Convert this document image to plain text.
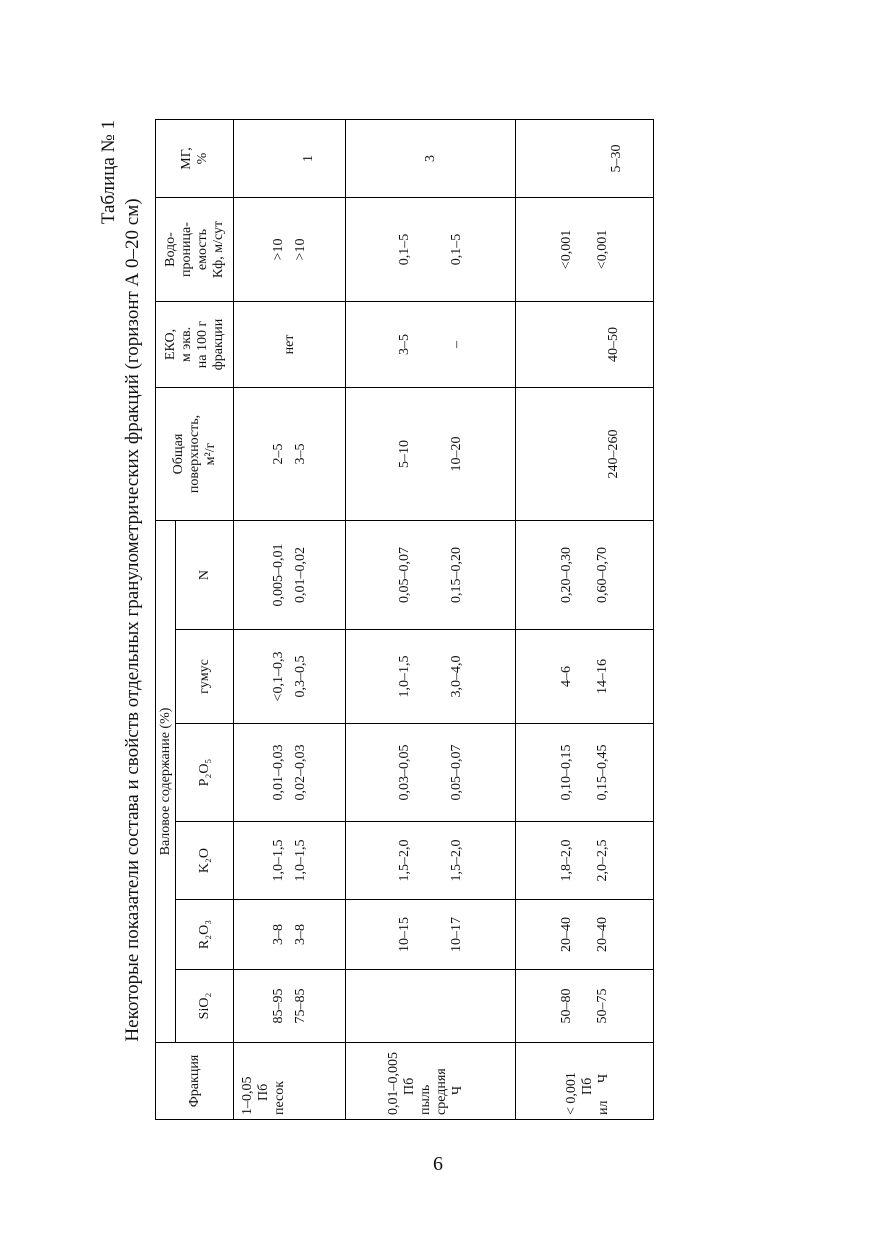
Таблица № 1
Некоторые показатели состава и свойств отдельных гранулометрических фракций (горизонт А 0–20 см)
Фракция	Валовое содержание (%)						Общая поверхность, м²/г	ЕКО, м экв. на 100 г фракции	Водо- проница- емость Кф, м/сут	МГ, %

	SiO₂	R₂O₃	K₂O	P₂O₅	гумус	N				

1–0,05 Пб песок	85–95 75–85	3–8 3–8	1,0–1,5 1,0–1,5	0,01–0,03 0,02–0,03	<0,1–0,3 0,3–0,5	0,005–0,01 0,01–0,02	2–5 3–5	нет	>10 >10	1

0,01–0,005 Пб пыль средняя Ч		10–15 10–17	1,5–2,0 1,5–2,0	0,03–0,05 0,05–0,07	1,0–1,5 3,0–4,0	0,05–0,07 0,15–0,20	5–10 10–20	3–5 –	0,1–5 0,1–5	3

< 0,001 Пб
ил Ч	50–80 50–75	20–40 20–40	1,8–2,0 2,0–2,5	0,10–0,15 0,15–0,45	4–6 14–16	0,20–0,30 0,60–0,70	240–260	40–50	<0,001 <0,001	5–30
6
